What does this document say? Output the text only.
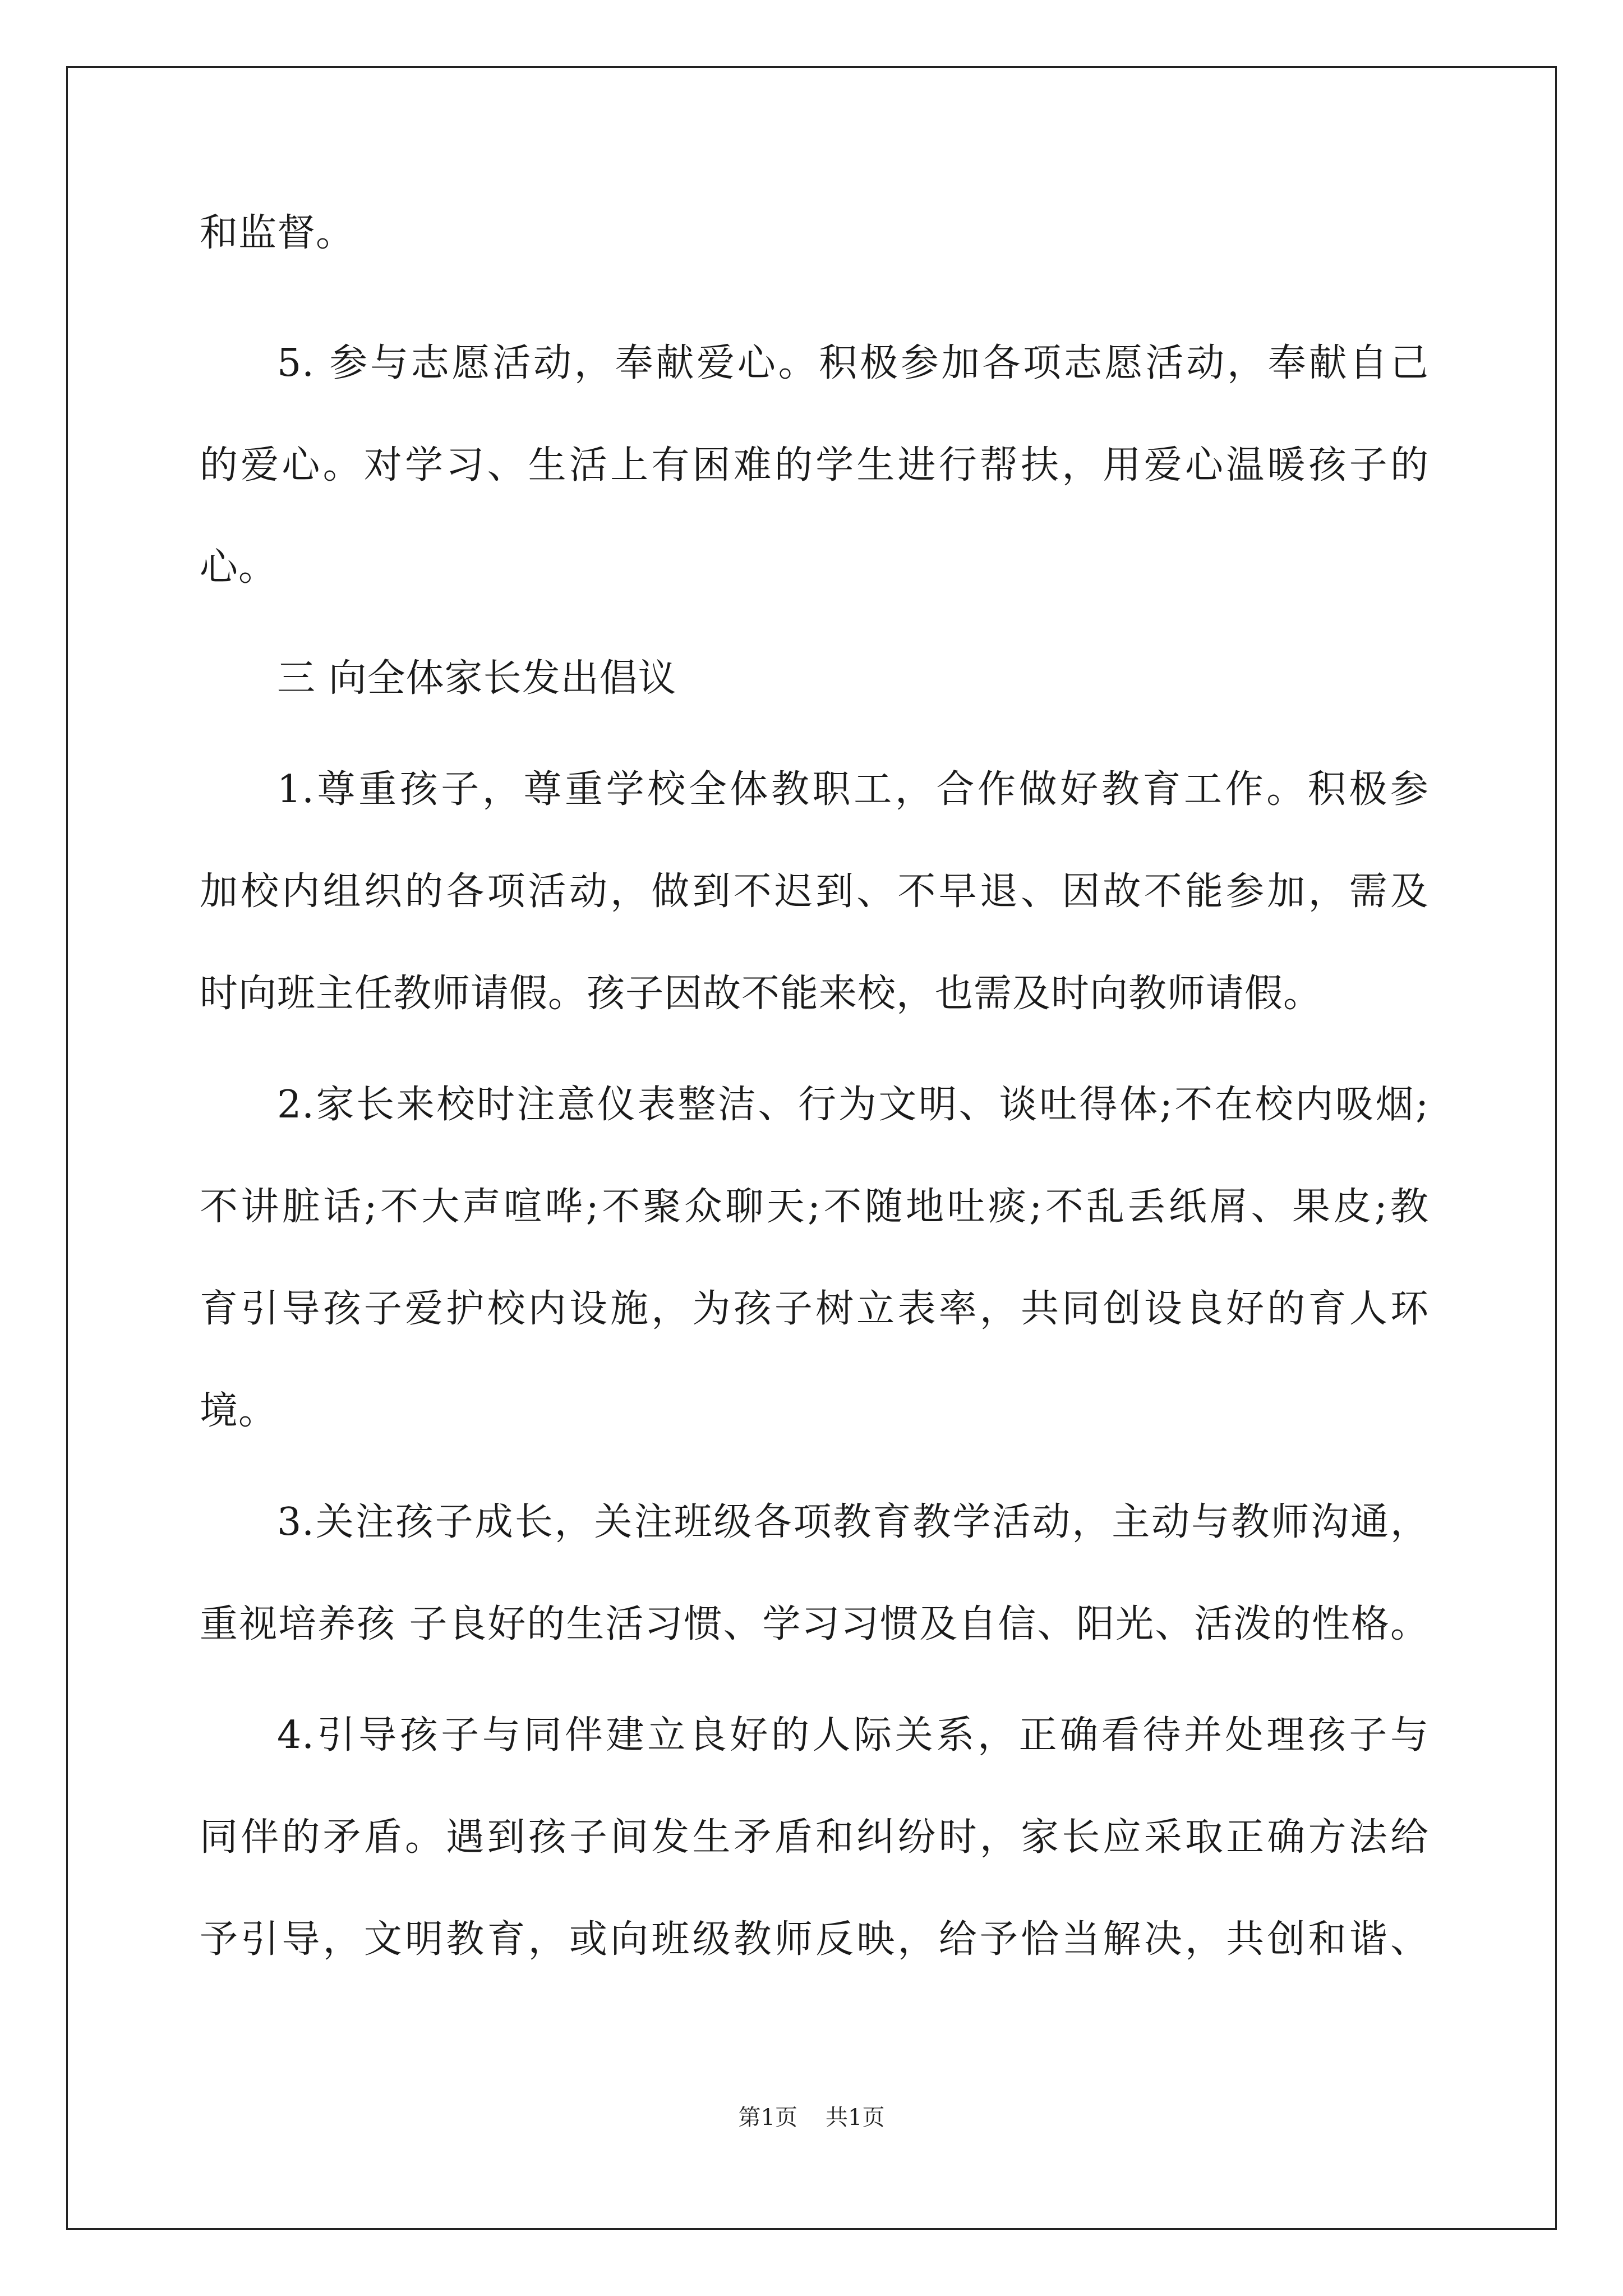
和监督。
5. 参与志愿活动，奉献爱心。积极参加各项志愿活动，奉献自己
的爱心。对学习、生活上有困难的学生进行帮扶，用爱心温暖孩子的
心。
三 向全体家长发出倡议
1.尊重孩子，尊重学校全体教职工，合作做好教育工作。积极参
加校内组织的各项活动，做到不迟到、不早退、因故不能参加，需及
时向班主任教师请假。孩子因故不能来校，也需及时向教师请假。
2.家长来校时注意仪表整洁、行为文明、谈吐得体;不在校内吸烟;
不讲脏话;不大声喧哗;不聚众聊天;不随地吐痰;不乱丢纸屑、果皮;教
育引导孩子爱护校内设施，为孩子树立表率，共同创设良好的育人环
境。
3.关注孩子成长，关注班级各项教育教学活动，主动与教师沟通，
重视培养孩 子良好的生活习惯、学习习惯及自信、阳光、活泼的性格。
4.引导孩子与同伴建立良好的人际关系，正确看待并处理孩子与
同伴的矛盾。遇到孩子间发生矛盾和纠纷时，家长应采取正确方法给
予引导，文明教育，或向班级教师反映，给予恰当解决，共创和谐、
第1页 共1页
